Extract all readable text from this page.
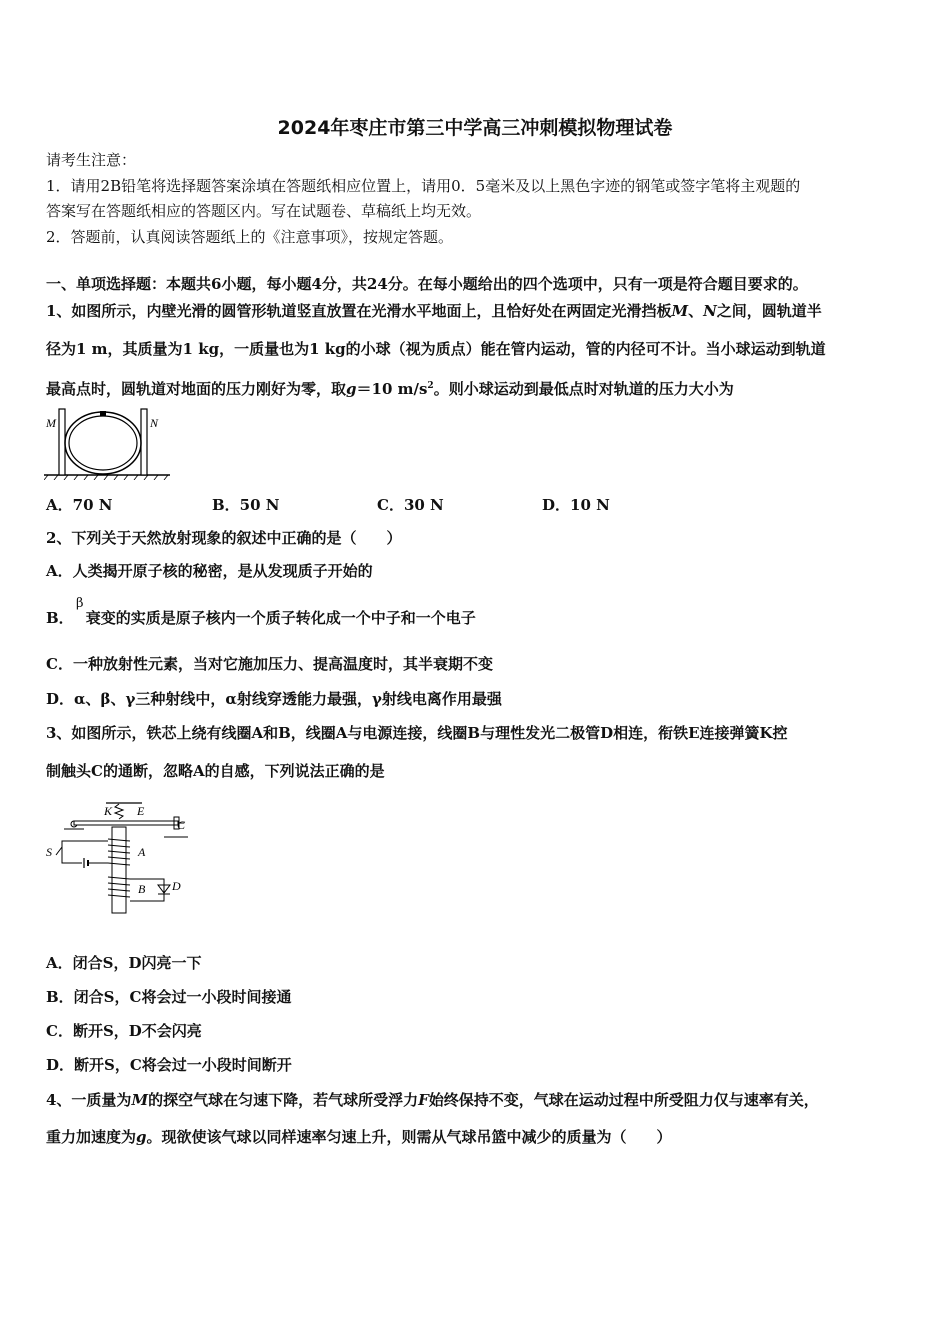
2024年枣庄市第三中学高三冲刺模拟物理试卷
请考生注意：
1．请用2B铅笔将选择题答案涂填在答题纸相应位置上，请用0．5毫米及以上黑色字迹的钢笔或签字笔将主观题的
答案写在答题纸相应的答题区内。写在试题卷、草稿纸上均无效。
2．答题前，认真阅读答题纸上的《注意事项》，按规定答题。
一、单项选择题：本题共6小题，每小题4分，共24分。在每小题给出的四个选项中，只有一项是符合题目要求的。
1、如图所示，内壁光滑的圆管形轨道竖直放置在光滑水平地面上，且恰好处在两固定光滑挡板M、N之间，圆轨道半
径为1 m，其质量为1 kg，一质量也为1 kg的小球（视为质点）能在管内运动，管的内径可不计。当小球运动到轨道
最高点时，圆轨道对地面的压力刚好为零，取g＝10 $m/s^2$。则小球运动到最低点时对轨道的压力大小为
M	N
A．70 N	B．50 N	C．30 N	D．10 N
2、下列关于天然放射现象的叙述中正确的是（　　）
A．人类揭开原子核的秘密，是从发现质子开始的
β
B． 衰变的实质是原子核内一个质子转化成一个中子和一个电子
C．一种放射性元素，当对它施加压力、提高温度时，其半衰期不变
D．α、β、γ三种射线中，α射线穿透能力最强，γ射线电离作用最强
3、如图所示，铁芯上绕有线圈A和B，线圈A与电源连接，线圈B与理性发光二极管D相连，衔铁E连接弹簧K控
制触头C的通断，忽略A的自感，下列说法正确的是
K E
C
S	A
B D
A．闭合S，D闪亮一下
B．闭合S，C将会过一小段时间接通
C．断开S，D不会闪亮
D．断开S，C将会过一小段时间断开
4、一质量为M的探空气球在匀速下降，若气球所受浮力F始终保持不变，气球在运动过程中所受阻力仅与速率有关，
重力加速度为g。现欲使该气球以同样速率匀速上升，则需从气球吊篮中减少的质量为（　　）
